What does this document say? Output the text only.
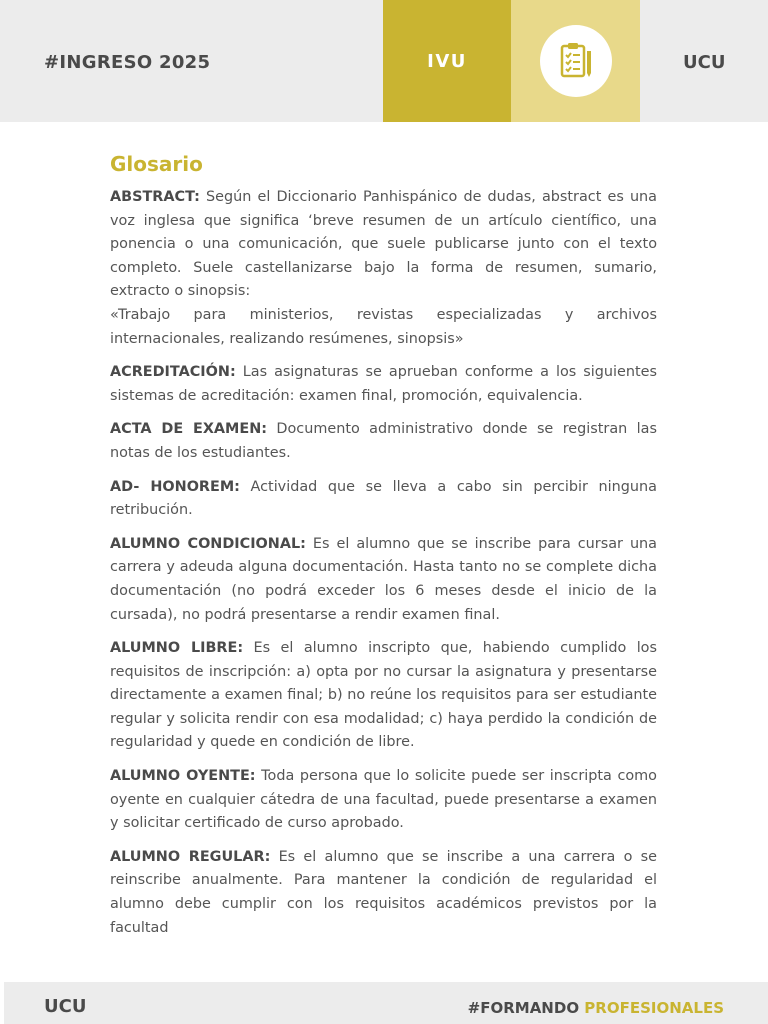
#INGRESO 2025	IVU	UCU
Glosario

ABSTRACT: Según el Diccionario Panhispánico de dudas, abstract es una voz inglesa que significa ‘breve resumen de un artículo científico, una ponencia o una comunicación, que suele publicarse junto con el texto completo. Suele castellanizarse bajo la forma de resumen, sumario, extracto o sinopsis:
«Trabajo para ministerios, revistas especializadas y archivos internacionales, realizando resúmenes, sinopsis»

ACREDITACIÓN: Las asignaturas se aprueban conforme a los siguientes sistemas de acreditación: examen final, promoción, equivalencia.

ACTA DE EXAMEN: Documento administrativo donde se registran las notas de los estudiantes.

AD- HONOREM: Actividad que se lleva a cabo sin percibir ninguna retribución.

ALUMNO CONDICIONAL: Es el alumno que se inscribe para cursar una carrera y adeuda alguna documentación. Hasta tanto no se complete dicha documentación (no podrá exceder los 6 meses desde el inicio de la cursada), no podrá presentarse a rendir examen final.

ALUMNO LIBRE: Es el alumno inscripto que, habiendo cumplido los requisitos de inscripción: a) opta por no cursar la asignatura y presentarse directamente a examen final; b) no reúne los requisitos para ser estudiante regular y solicita rendir con esa modalidad; c) haya perdido la condición de regularidad y quede en condición de libre.

ALUMNO OYENTE: Toda persona que lo solicite puede ser inscripta como oyente en cualquier cátedra de una facultad, puede presentarse a examen y solicitar certificado de curso aprobado.

ALUMNO REGULAR: Es el alumno que se inscribe a una carrera o se reinscribe anualmente. Para mantener la condición de regularidad el alumno debe cumplir con los requisitos académicos previstos por la facultad

UCU	#FORMANDO PROFESIONALES
